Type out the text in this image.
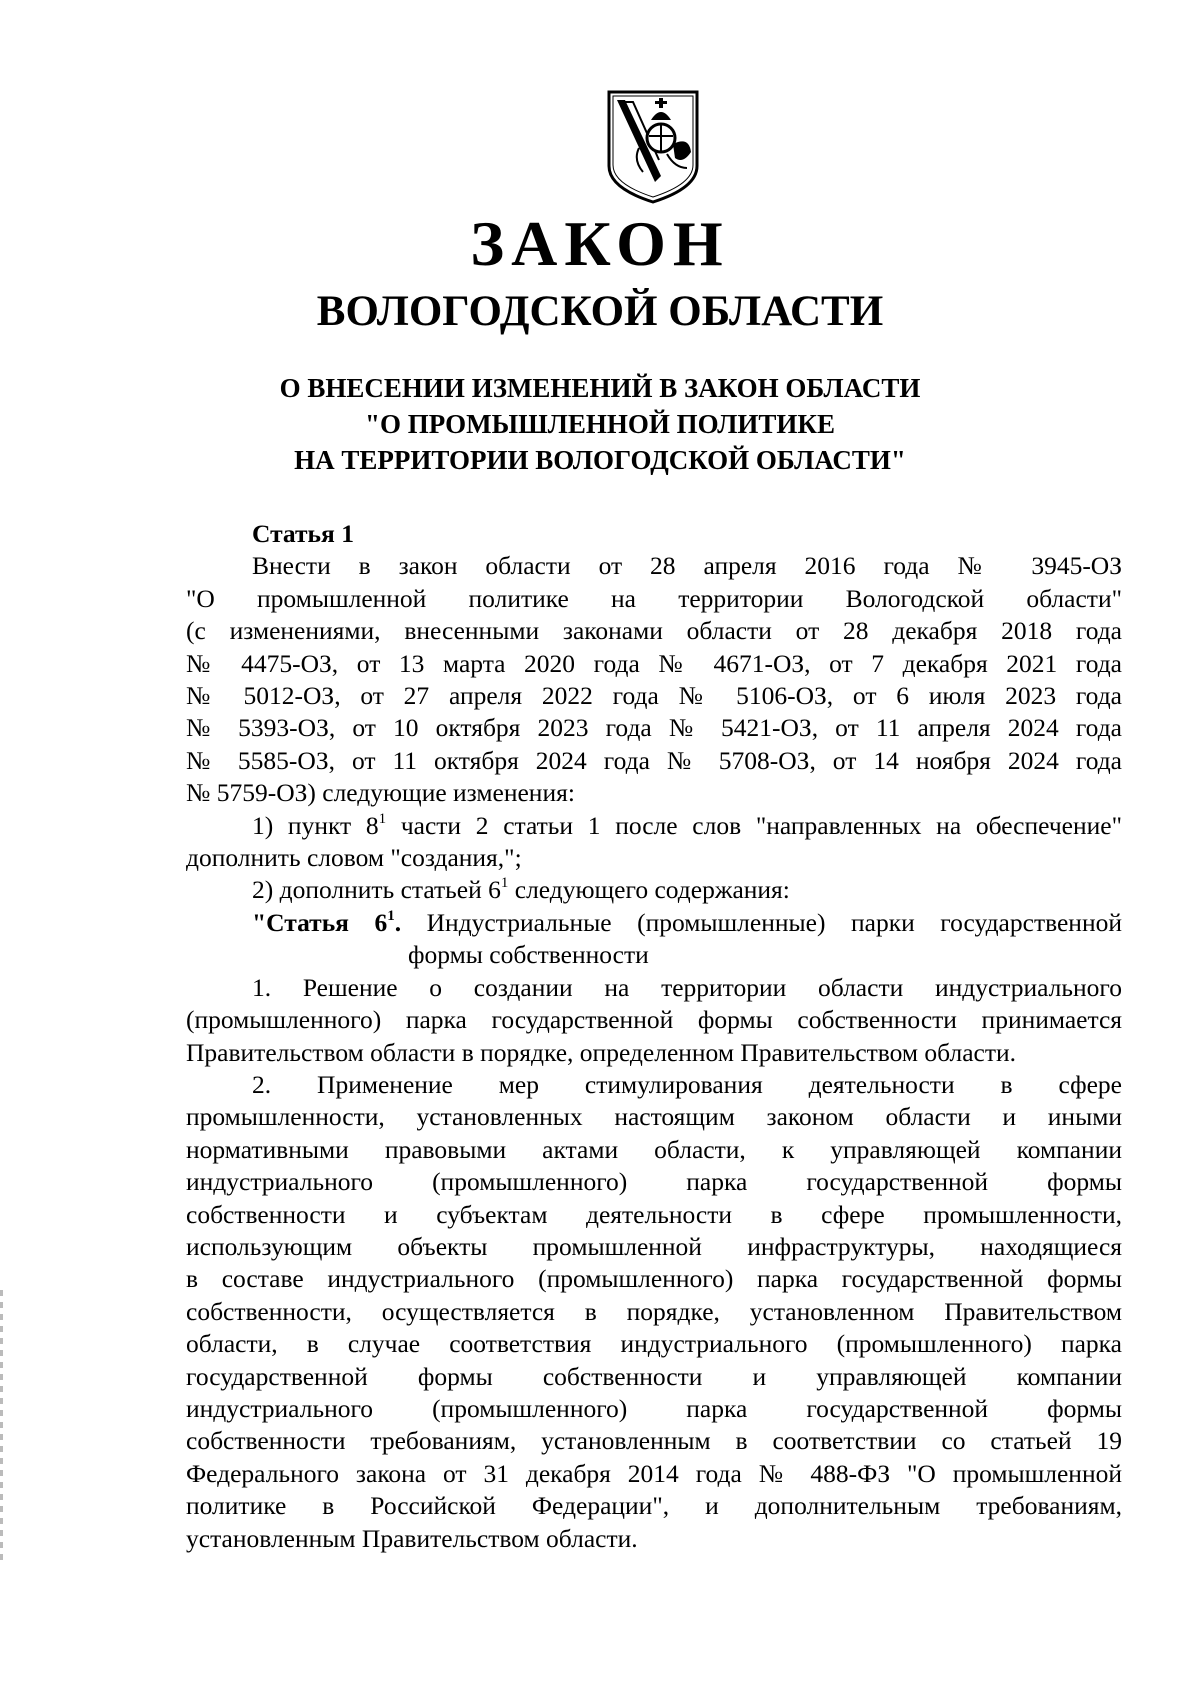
ЗАКОН
ВОЛОГОДСКОЙ ОБЛАСТИ
О ВНЕСЕНИИ ИЗМЕНЕНИЙ В ЗАКОН ОБЛАСТИ
"О ПРОМЫШЛЕННОЙ ПОЛИТИКЕ
НА ТЕРРИТОРИИ ВОЛОГОДСКОЙ ОБЛАСТИ"

Статья 1

Внести в закон области от 28 апреля 2016 года № 3945-ОЗ

"О промышленной политике на территории Вологодской области"

(с изменениями, внесенными законами области от 28 декабря 2018 года

№ 4475-ОЗ, от 13 марта 2020 года № 4671-ОЗ, от 7 декабря 2021 года

№ 5012-ОЗ, от 27 апреля 2022 года № 5106-ОЗ, от 6 июля 2023 года

№ 5393-ОЗ, от 10 октября 2023 года № 5421-ОЗ, от 11 апреля 2024 года

№ 5585-ОЗ, от 11 октября 2024 года № 5708-ОЗ, от 14 ноября 2024 года

№ 5759-ОЗ) следующие изменения:

1) пункт $8^1$ части 2 статьи 1 после слов "направленных на обеспечение"

дополнить словом "создания,";

2) дополнить статьей $6^1$ следующего содержания:

"Статья $6^1$. Индустриальные (промышленные) парки государственной

формы собственности

1. Решение о создании на территории области индустриального

(промышленного) парка государственной формы собственности принимается

Правительством области в порядке, определенном Правительством области.

2. Применение мер стимулирования деятельности в сфере

промышленности, установленных настоящим законом области и иными

нормативными правовыми актами области, к управляющей компании

индустриального (промышленного) парка государственной формы

собственности и субъектам деятельности в сфере промышленности,

использующим объекты промышленной инфраструктуры, находящиеся

в составе индустриального (промышленного) парка государственной формы

собственности, осуществляется в порядке, установленном Правительством

области, в случае соответствия индустриального (промышленного) парка

государственной формы собственности и управляющей компании

индустриального (промышленного) парка государственной формы

собственности требованиям, установленным в соответствии со статьей 19

Федерального закона от 31 декабря 2014 года № 488-ФЗ "О промышленной

политике в Российской Федерации", и дополнительным требованиям,

установленным Правительством области.
